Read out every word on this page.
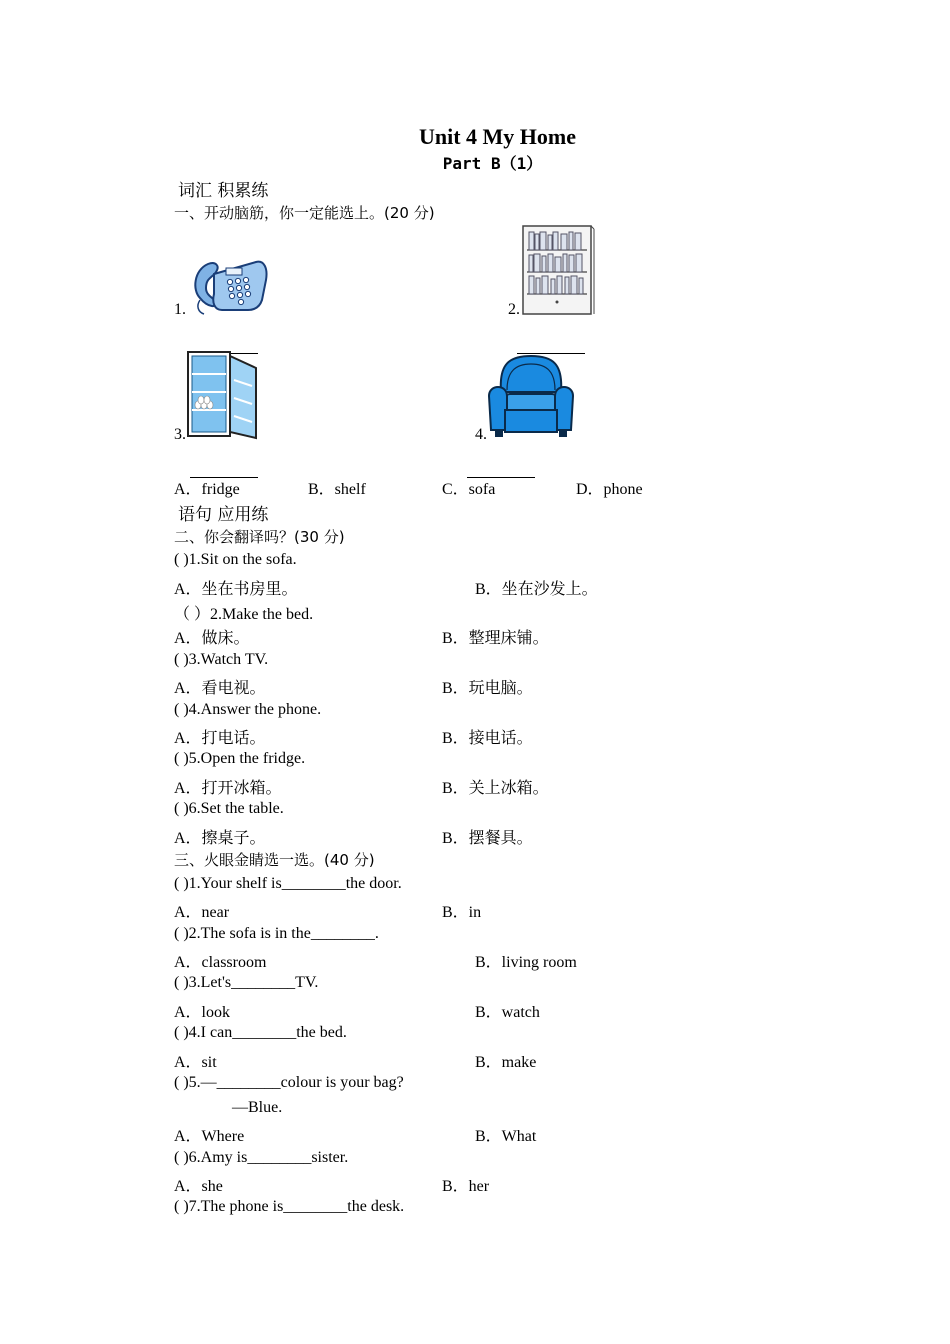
Unit 4 My Home
Part B（1）
词汇 积累练
一、开动脑筋，你一定能选上。(20 分)
1.	2.
3.	4.
A．fridge	B．shelf	C．sofa	D．phone
语句 应用练
二、你会翻译吗？(30 分)
( )1.Sit on the sofa.
A．坐在书房里。	B．坐在沙发上。
（ ）2.Make the bed.
A．做床。	B．整理床铺。
( )3.Watch TV.
A．看电视。	B．玩电脑。
( )4.Answer the phone.
A．打电话。	B．接电话。
( )5.Open the fridge.
A．打开冰箱。	B．关上冰箱。
( )6.Set the table.
A．擦桌子。	B．摆餐具。
三、火眼金睛选一选。(40 分)
( )1.Your shelf is________the door.
A．near	B．in
( )2.The sofa is in the________.
A．classroom	B．living room
( )3.Let's________TV.
A．look	B．watch
( )4.I can________the bed.
A．sit	B．make
( )5.—________colour is your bag?
—Blue.
A．Where	B．What
( )6.Amy is________sister.
A．she	B．her
( )7.The phone is________the desk.
